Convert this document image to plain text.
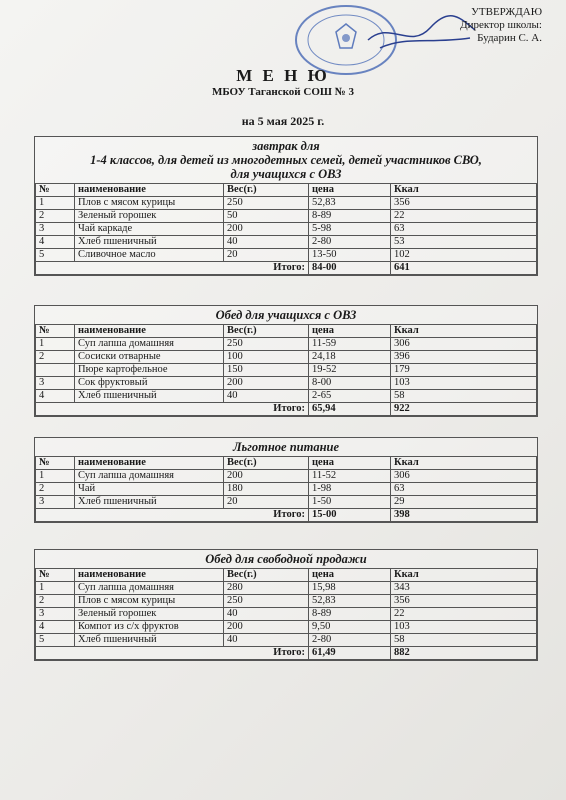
УТВЕРЖДАЮ
Директор школы:
Бударин С. А.
М Е Н Ю
МБОУ Таганской СОШ № 3
на 5 мая 2025 г.
завтрак для
1-4 классов, для детей из многодетных семей, детей участников СВО,
для учащихся с ОВЗ
№	наименование	Вес(г.)	цена	Ккал
1	Плов с мясом курицы	250	52,83	356
2	Зеленый горошек	50	8-89	22
3	Чай каркаде	200	5-98	63
4	Хлеб пшеничный	40	2-80	53
5	Сливочное масло	20	13-50	102
Итого:			84-00	641
Обед для учащихся с ОВЗ
№	наименование	Вес(г.)	цена	Ккал
1	Суп лапша домашняя	250	11-59	306
2	Сосиски отварные	100	24,18	396
	Пюре картофельное	150	19-52	179
3	Сок фруктовый	200	8-00	103
4	Хлеб пшеничный	40	2-65	58
Итого:			65,94	922
Льготное питание
№	наименование	Вес(г.)	цена	Ккал
1	Суп лапша домашняя	200	11-52	306
2	Чай	180	1-98	63
3	Хлеб пшеничный	20	1-50	29
Итого:			15-00	398
Обед для свободной продажи
№	наименование	Вес(г.)	цена	Ккал
1	Суп лапша домашняя	280	15,98	343
2	Плов с мясом курицы	250	52,83	356
3	Зеленый горошек	40	8-89	22
4	Компот из с/х фруктов	200	9,50	103
5	Хлеб пшеничный	40	2-80	58
Итого:			61,49	882
